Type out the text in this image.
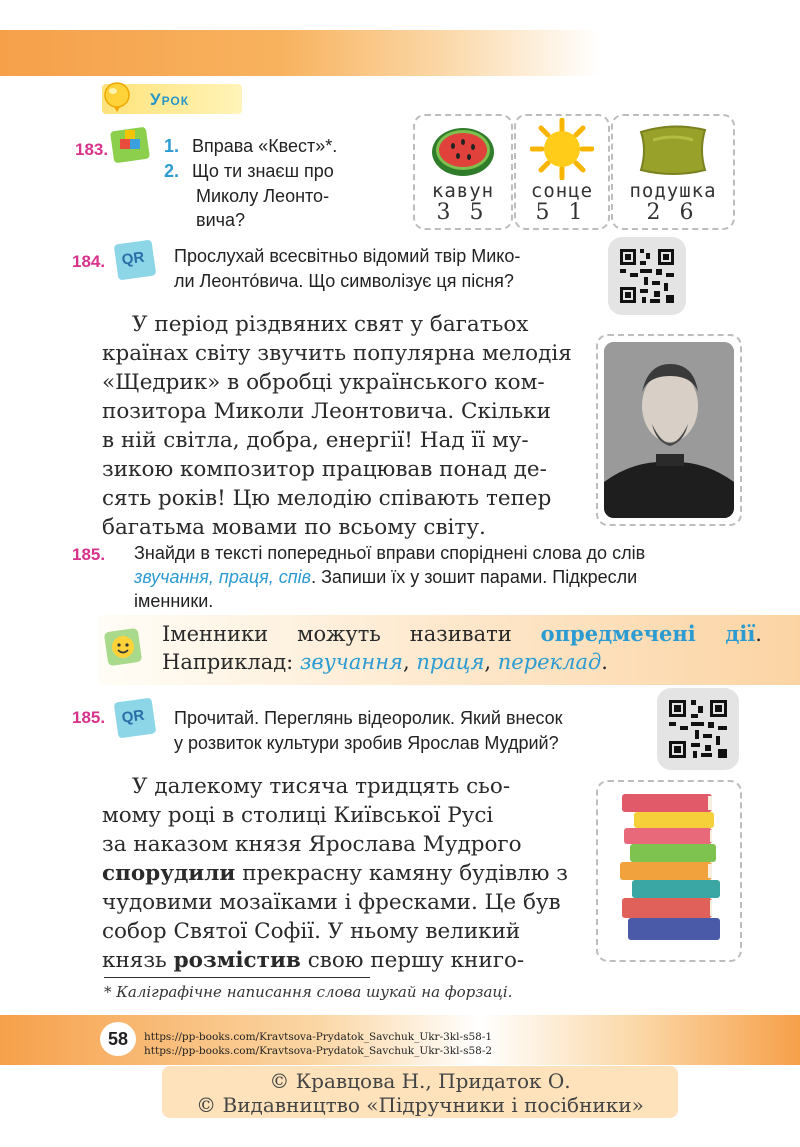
Урок
183.	1. Вправа «Квест»*.
2. Що ти знаєш про
Миколу Леонто-
вича?
кавун
3 5
сонце
5 1
подушка
2 6
184. QR Прослухай всесвітньо відомий твір Мико-
ли Леонто́вича. Що символізує ця пісня?
У період різдвяних свят у багатьох
країнах світу звучить популярна мелодія
«Щедрик» в обробці українського ком-
позитора Миколи Леонтовича. Скільки
в ній світла, добра, енергії! Над її му-
зикою композитор працював понад де-
сять років! Цю мелодію співають тепер
багатьма мовами по всьому світу.
185. Знайди в тексті попередньої вправи споріднені слова до слів
звучання, праця, спів. Запиши їх у зошит парами. Підкресли
іменники.
Іменники можуть називати опредмечені дії.
Наприклад: звучання, праця, переклад.
185. QR Прочитай. Переглянь відеоролик. Який внесок
у розвиток культури зробив Ярослав Мудрий?
У далекому тисяча тридцять сьо-
мому році в столиці Київської Русі
за наказом князя Ярослава Мудрого
спорудили прекрасну камяну будівлю з
чудовими мозаїками і фресками. Це був
собор Святої Софії. У ньому великий
князь розмістив свою першу книго-
* Каліграфічне написання слова шукай на форзаці.
58	https://pp-books.com/Kravtsova-Prydatok_Savchuk_Ukr-3kl-s58-1
https://pp-books.com/Kravtsova-Prydatok_Savchuk_Ukr-3kl-s58-2
© Кравцова Н., Придаток О.
© Видавництво «Підручники і посібники»
